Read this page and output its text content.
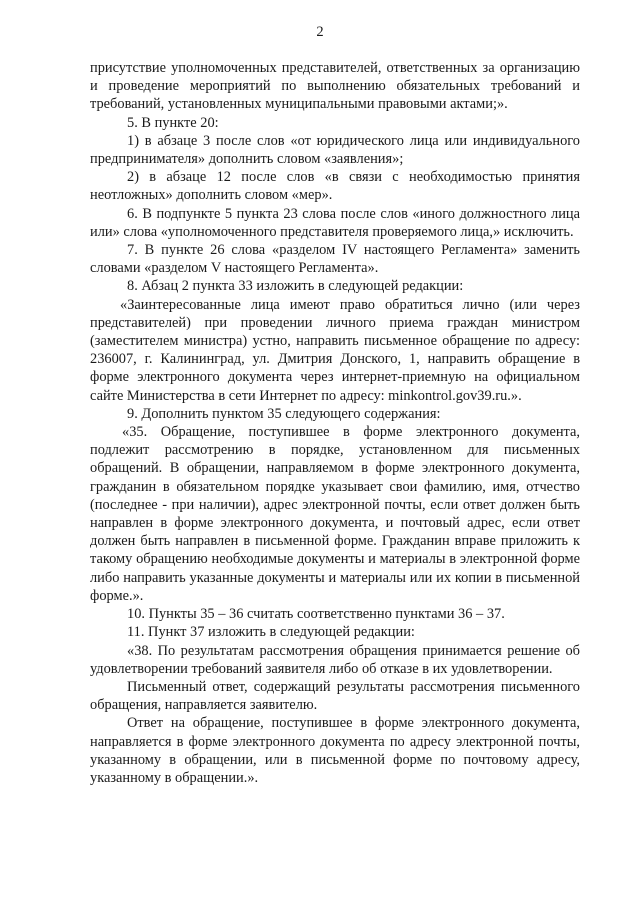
2

присутствие уполномоченных представителей, ответственных за организацию и проведение мероприятий по выполнению обязательных требований и требований, установленных муниципальными правовыми актами;».

5. В пункте 20:

1) в абзаце 3 после слов «от юридического лица или индивидуального предпринимателя» дополнить словом «заявления»;

2) в абзаце 12 после слов «в связи с необходимостью принятия неотложных» дополнить словом «мер».

6. В подпункте 5 пункта 23 слова после слов «иного должностного лица или» слова «уполномоченного представителя проверяемого лица,» исключить.

7. В пункте 26 слова «разделом IV настоящего Регламента» заменить словами «разделом V настоящего Регламента».

8. Абзац 2 пункта 33 изложить в следующей редакции:

«Заинтересованные лица имеют право обратиться лично (или через представителей) при проведении личного приема граждан министром (заместителем министра) устно, направить письменное обращение по адресу: 236007, г. Калининград, ул. Дмитрия Донского, 1, направить обращение в форме электронного документа через интернет-приемную на официальном сайте Министерства в сети Интернет по адресу: minkontrol.gov39.ru.».

9. Дополнить пунктом 35 следующего содержания:

«35. Обращение, поступившее в форме электронного документа, подлежит рассмотрению в порядке, установленном для письменных обращений. В обращении, направляемом в форме электронного документа, гражданин в обязательном порядке указывает свои фамилию, имя, отчество (последнее - при наличии), адрес электронной почты, если ответ должен быть направлен в форме электронного документа, и почтовый адрес, если ответ должен быть направлен в письменной форме. Гражданин вправе приложить к такому обращению необходимые документы и материалы в электронной форме либо направить указанные документы и материалы или их копии в письменной форме.».

10. Пункты 35 – 36 считать соответственно пунктами 36 – 37.

11. Пункт 37 изложить в следующей редакции:

«38. По результатам рассмотрения обращения принимается решение об удовлетворении требований заявителя либо об отказе в их удовлетворении.

Письменный ответ, содержащий результаты рассмотрения письменного обращения, направляется заявителю.

Ответ на обращение, поступившее в форме электронного документа, направляется в форме электронного документа по адресу электронной почты, указанному в обращении, или в письменной форме по почтовому адресу, указанному в обращении.».
